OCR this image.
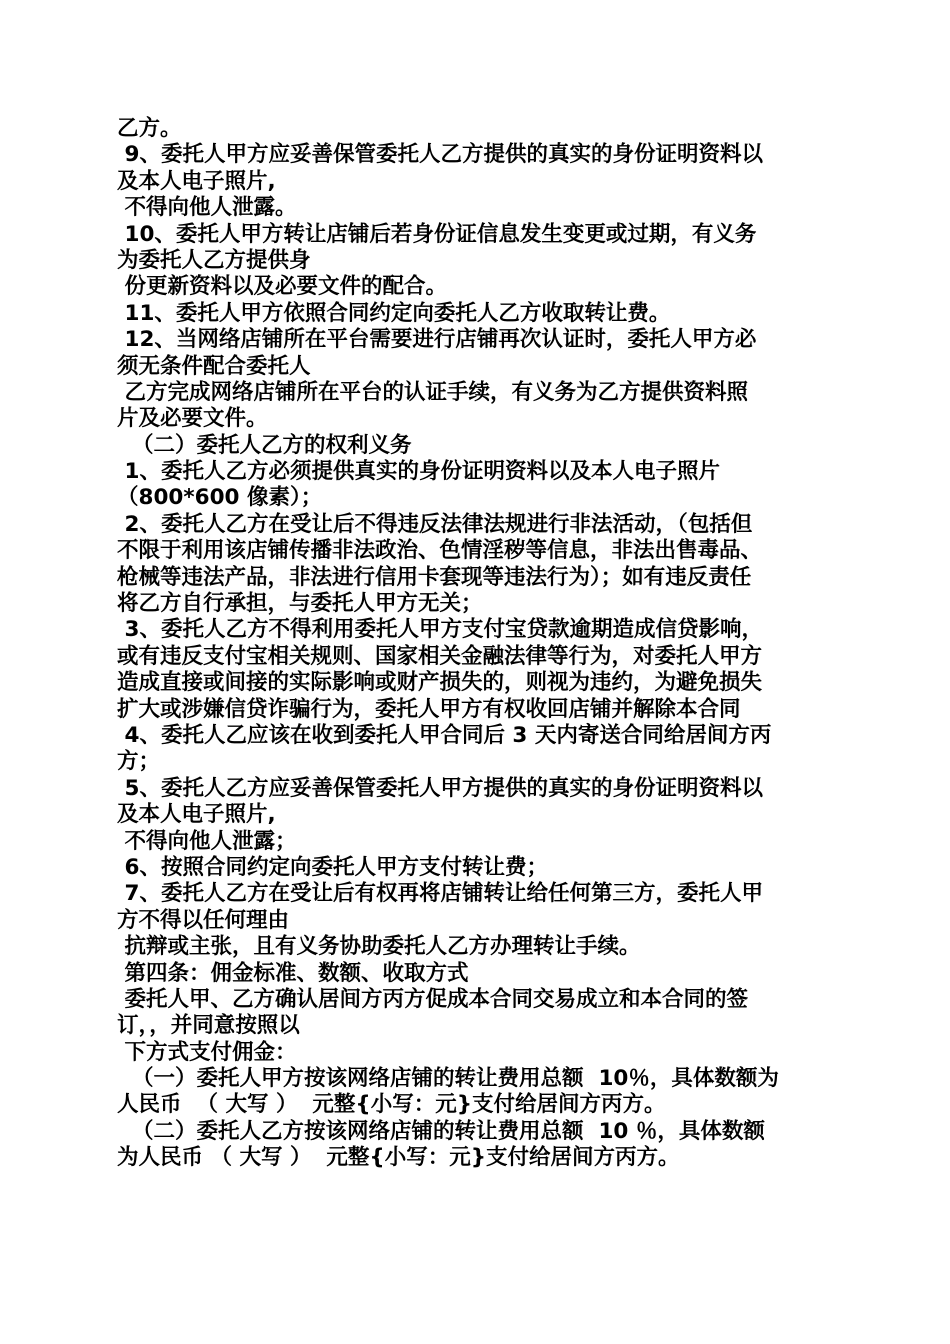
乙方。
9、委托人甲方应妥善保管委托人乙方提供的真实的身份证明资料以
及本人电子照片,
不得向他人泄露。
10、委托人甲方转让店铺后若身份证信息发生变更或过期，有义务
为委托人乙方提供身
份更新资料以及必要文件的配合。
11、委托人甲方依照合同约定向委托人乙方收取转让费。
12、当网络店铺所在平台需要进行店铺再次认证时，委托人甲方必
须无条件配合委托人
乙方完成网络店铺所在平台的认证手续，有义务为乙方提供资料照
片及必要文件。
（二）委托人乙方的权利义务
1、委托人乙方必须提供真实的身份证明资料以及本人电子照片
（800*600 像素）；
2、委托人乙方在受让后不得违反法律法规进行非法活动，（包括但
不限于利用该店铺传播非法政治、色情淫秽等信息，非法出售毒品、
枪械等违法产品，非法进行信用卡套现等违法行为）；如有违反责任
将乙方自行承担，与委托人甲方无关；
3、委托人乙方不得利用委托人甲方支付宝贷款逾期造成信贷影响，
或有违反支付宝相关规则、国家相关金融法律等行为，对委托人甲方
造成直接或间接的实际影响或财产损失的，则视为违约，为避免损失
扩大或涉嫌信贷诈骗行为，委托人甲方有权收回店铺并解除本合同
4、委托人乙应该在收到委托人甲合同后 3 天内寄送合同给居间方丙
方；
5、委托人乙方应妥善保管委托人甲方提供的真实的身份证明资料以
及本人电子照片,
不得向他人泄露；
6、按照合同约定向委托人甲方支付转让费；
7、委托人乙方在受让后有权再将店铺转让给任何第三方，委托人甲
方不得以任何理由
抗辩或主张，且有义务协助委托人乙方办理转让手续。
第四条：佣金标准、数额、收取方式
委托人甲、乙方确认居间方丙方促成本合同交易成立和本合同的签
订，，并同意按照以
下方式支付佣金：
（一）委托人甲方按该网络店铺的转让费用总额  10％，具体数额为
人民币  （ 大写 ）  元整{小写：元}支付给居间方丙方。
（二）委托人乙方按该网络店铺的转让费用总额  10 ％，具体数额
为人民币 （ 大写 ）  元整{小写：元}支付给居间方丙方。
